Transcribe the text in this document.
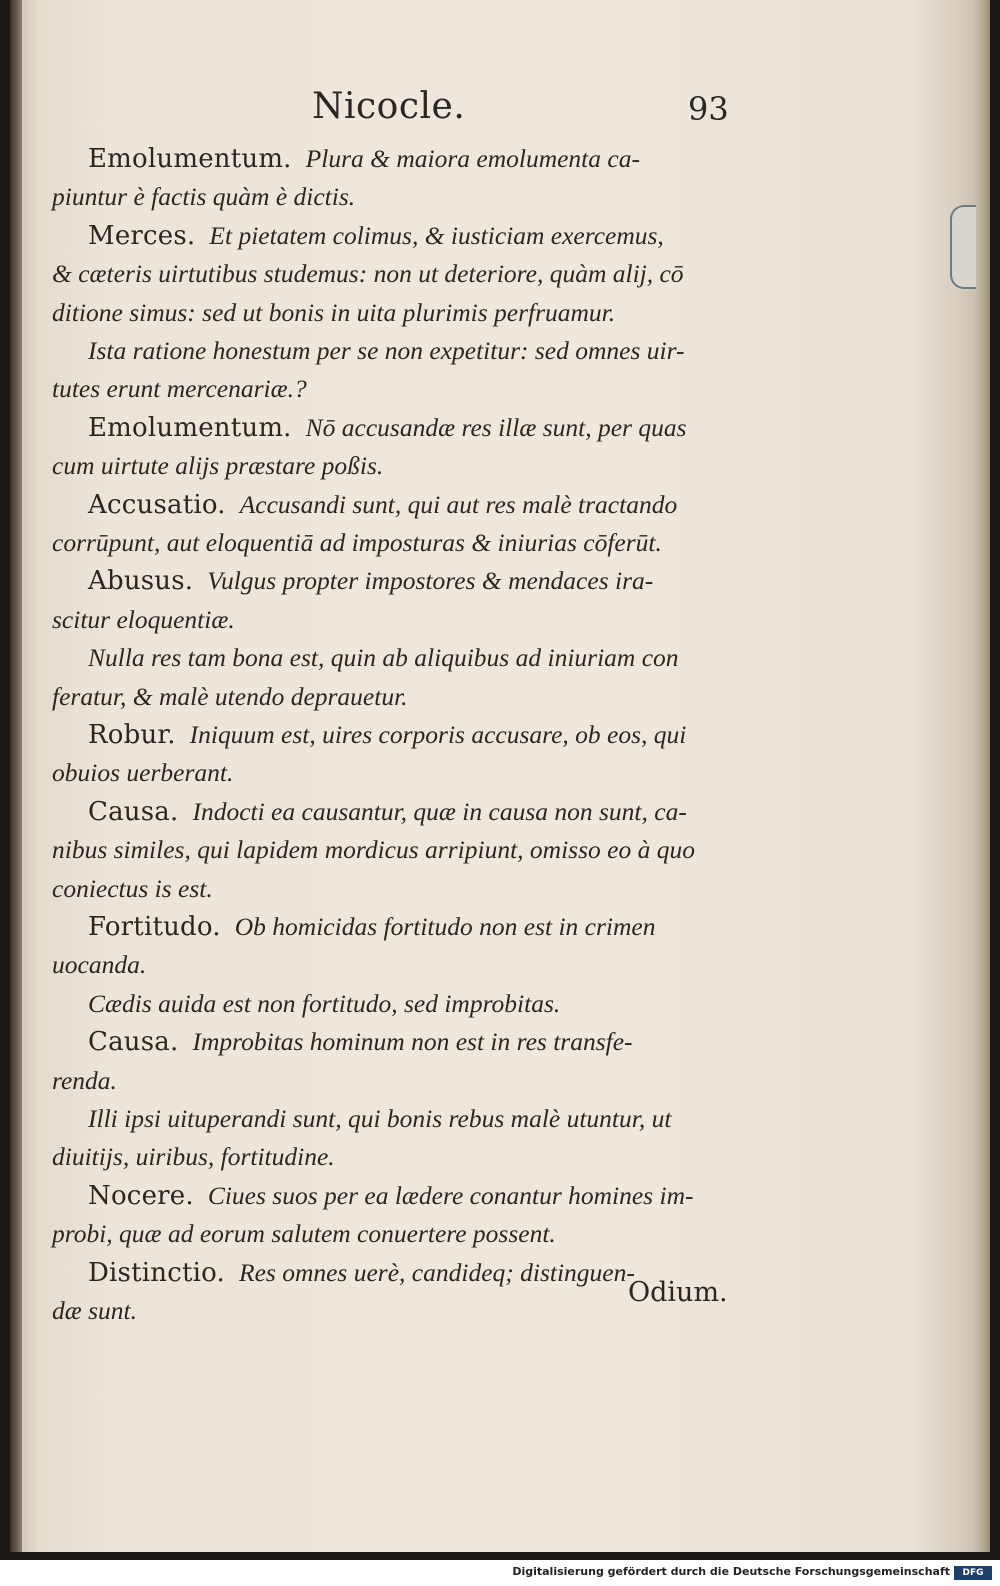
Nicocle.	93
Emolumentum. Plura & maiora emolumenta ca-
piuntur è factis quàm è dictis.
Merces. Et pietatem colimus, & iusticiam exercemus,
& cæteris uirtutibus studemus: non ut deteriore, quàm alij, cō
ditione simus: sed ut bonis in uita plurimis perfruamur.
Ista ratione honestum per se non expetitur: sed omnes uir-
tutes erunt mercenariæ.?
Emolumentum. Nō accusandæ res illæ sunt, per quas
cum uirtute alijs præstare poßis.
Accusatio. Accusandi sunt, qui aut res malè tractando
corrūpunt, aut eloquentiā ad imposturas & iniurias cōferūt.
Abusus. Vulgus propter impostores & mendaces ira-
scitur eloquentiæ.
Nulla res tam bona est, quin ab aliquibus ad iniuriam con
feratur, & malè utendo deprauetur.
Robur. Iniquum est, uires corporis accusare, ob eos, qui
obuios uerberant.
Causa. Indocti ea causantur, quæ in causa non sunt, ca-
nibus similes, qui lapidem mordicus arripiunt, omisso eo à quo
coniectus is est.
Fortitudo. Ob homicidas fortitudo non est in crimen
uocanda.
Cædis auida est non fortitudo, sed improbitas.
Causa. Improbitas hominum non est in res transfe-
renda.
Illi ipsi uituperandi sunt, qui bonis rebus malè utuntur, ut
diuitijs, uiribus, fortitudine.
Nocere. Ciues suos per ea lædere conantur homines im-
probi, quæ ad eorum salutem conuertere possent.
Distinctio. Res omnes uerè, candideq; distinguen-
dæ sunt.
Odium.
Digitalisierung gefördert durch die Deutsche Forschungsgemeinschaft	DFG
